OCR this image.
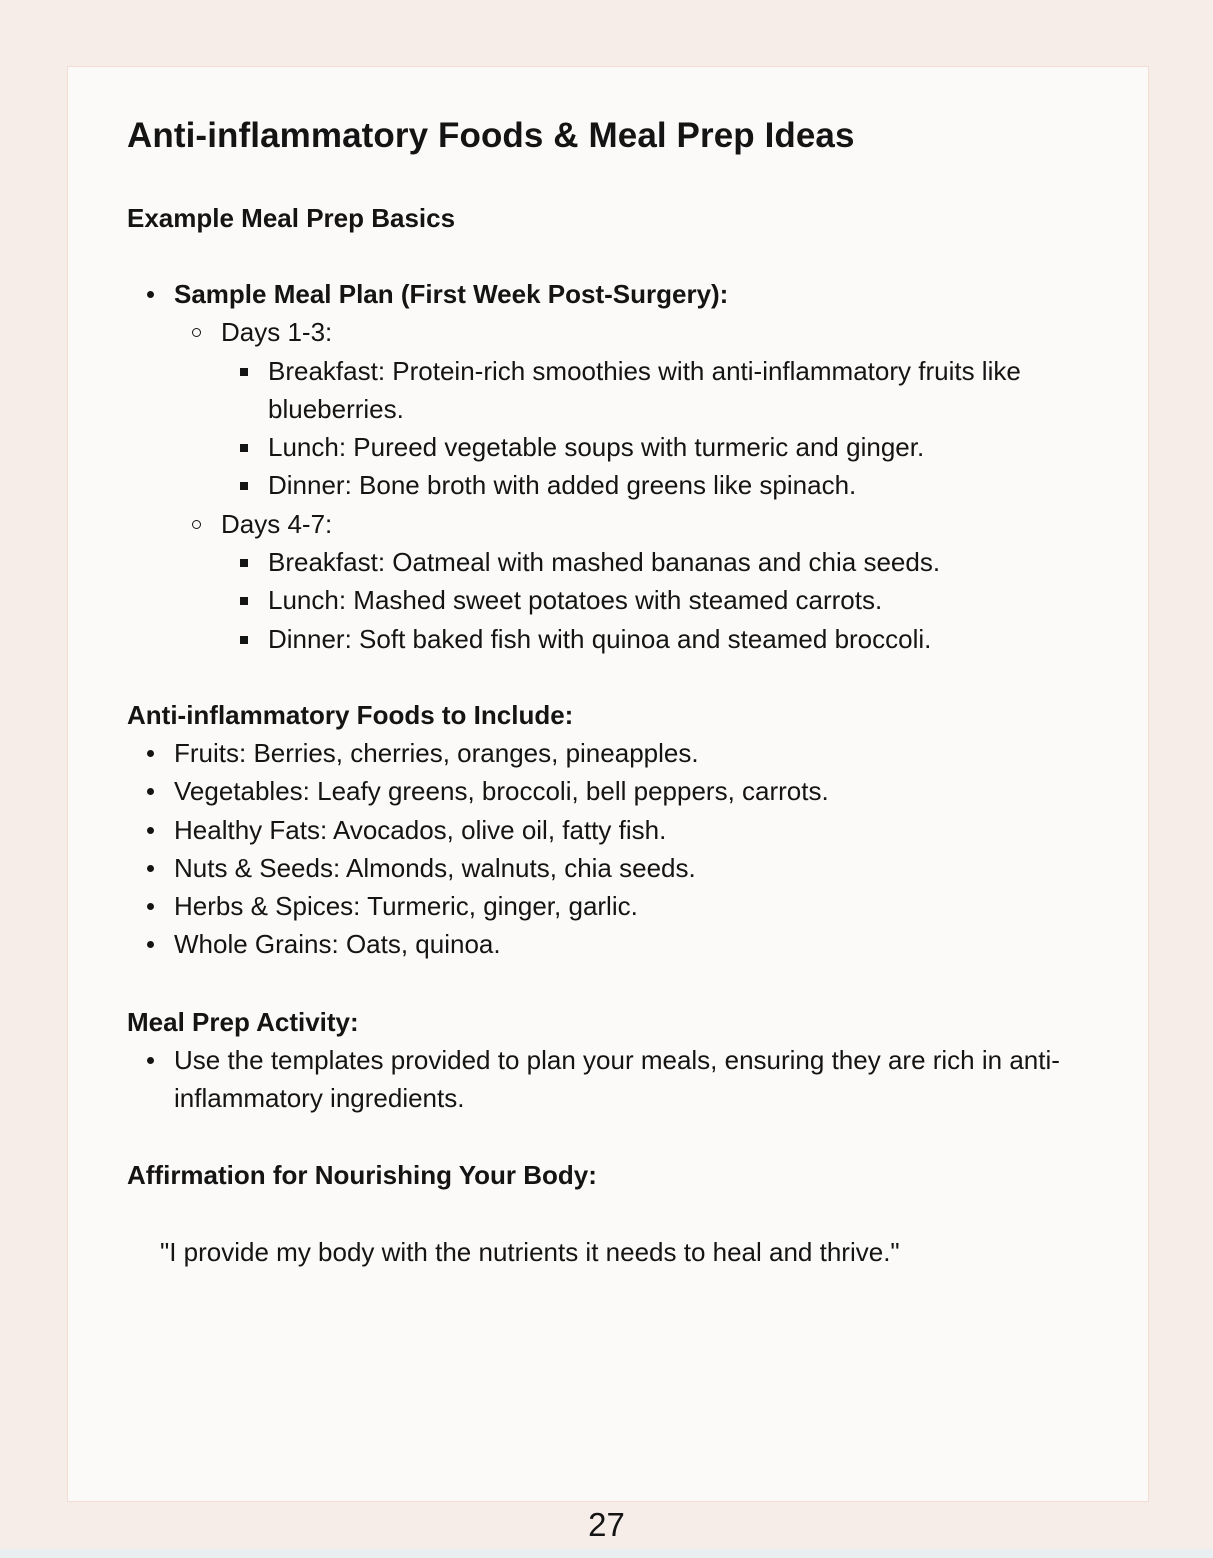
Anti-inflammatory Foods & Meal Prep Ideas
Example Meal Prep Basics
Sample Meal Plan (First Week Post-Surgery):
Days 1-3:
Breakfast: Protein-rich smoothies with anti-inflammatory fruits like blueberries.
Lunch: Pureed vegetable soups with turmeric and ginger.
Dinner: Bone broth with added greens like spinach.
Days 4-7:
Breakfast: Oatmeal with mashed bananas and chia seeds.
Lunch: Mashed sweet potatoes with steamed carrots.
Dinner: Soft baked fish with quinoa and steamed broccoli.
Anti-inflammatory Foods to Include:
Fruits: Berries, cherries, oranges, pineapples.
Vegetables: Leafy greens, broccoli, bell peppers, carrots.
Healthy Fats: Avocados, olive oil, fatty fish.
Nuts & Seeds: Almonds, walnuts, chia seeds.
Herbs & Spices: Turmeric, ginger, garlic.
Whole Grains: Oats, quinoa.
Meal Prep Activity:
Use the templates provided to plan your meals, ensuring they are rich in anti-inflammatory ingredients.
Affirmation for Nourishing Your Body:
"I provide my body with the nutrients it needs to heal and thrive."
27
